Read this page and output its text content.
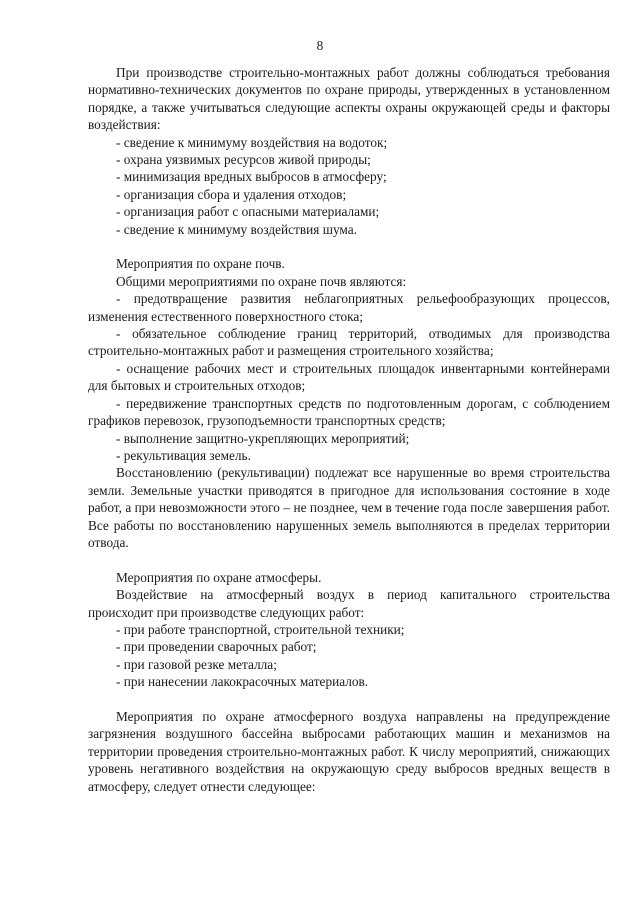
8

При производстве строительно-монтажных работ должны соблюдаться требования нормативно-технических документов по охране природы, утвержденных в установленном порядке, а также учитываться следующие аспекты охраны окружающей среды и факторы воздействия:

- сведение к минимуму воздействия на водоток;

- охрана уязвимых ресурсов живой природы;

- минимизация вредных выбросов в атмосферу;

- организация сбора и удаления отходов;

- организация работ с опасными материалами;

- сведение к минимуму воздействия шума.

Мероприятия по охране почв.

Общими мероприятиями по охране почв являются:

- предотвращение развития неблагоприятных рельефообразующих процессов, изменения естественного поверхностного стока;

- обязательное соблюдение границ территорий, отводимых для производства строительно-монтажных работ и размещения строительного хозяйства;

- оснащение рабочих мест и строительных площадок инвентарными контейнерами для бытовых и строительных отходов;

- передвижение транспортных средств по подготовленным дорогам, с соблюдением графиков перевозок, грузоподъемности транспортных средств;

- выполнение защитно-укрепляющих мероприятий;

- рекультивация земель.

Восстановлению (рекультивации) подлежат все нарушенные во время строительства земли. Земельные участки приводятся в пригодное для использования состояние в ходе работ, а при невозможности этого – не позднее, чем в течение года после завершения работ. Все работы по восстановлению нарушенных земель выполняются в пределах территории отвода.

Мероприятия по охране атмосферы.

Воздействие на атмосферный воздух в период капитального строительства происходит при производстве следующих работ:

- при работе транспортной, строительной техники;

- при проведении сварочных работ;

- при газовой резке металла;

- при нанесении лакокрасочных материалов.

Мероприятия по охране атмосферного воздуха направлены на предупреждение загрязнения воздушного бассейна выбросами работающих машин и механизмов на территории проведения строительно-монтажных работ. К числу мероприятий, снижающих уровень негативного воздействия на окружающую среду выбросов вредных веществ в атмосферу, следует отнести следующее:
